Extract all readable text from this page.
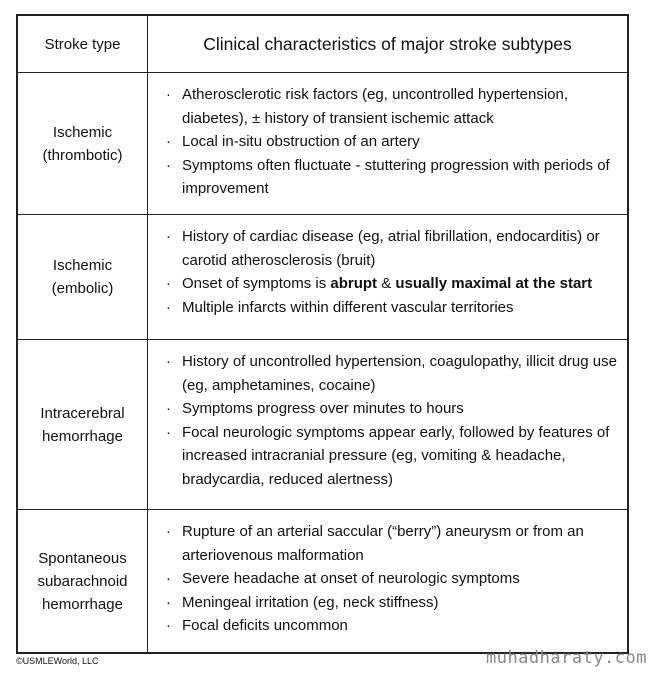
Stroke type	Clinical characteristics of major stroke subtypes
Ischemic
(thrombotic)
· Atherosclerotic risk factors (eg, uncontrolled hypertension, diabetes), ± history of transient ischemic attack
· Local in-situ obstruction of an artery
· Symptoms often fluctuate - stuttering progression with periods of improvement
Ischemic
(embolic)
· History of cardiac disease (eg, atrial fibrillation, endocarditis) or carotid atherosclerosis (bruit)
· Onset of symptoms is abrupt & usually maximal at the start
· Multiple infarcts within different vascular territories
Intracerebral
hemorrhage
· History of uncontrolled hypertension, coagulopathy, illicit drug use (eg, amphetamines, cocaine)
· Symptoms progress over minutes to hours
· Focal neurologic symptoms appear early, followed by features of increased intracranial pressure (eg, vomiting & headache, bradycardia, reduced alertness)
Spontaneous
subarachnoid
hemorrhage
· Rupture of an arterial saccular (“berry”) aneurysm or from an arteriovenous malformation
· Severe headache at onset of neurologic symptoms
· Meningeal irritation (eg, neck stiffness)
· Focal deficits uncommon
©USMLEWorld, LLC	muhadharaty.com
